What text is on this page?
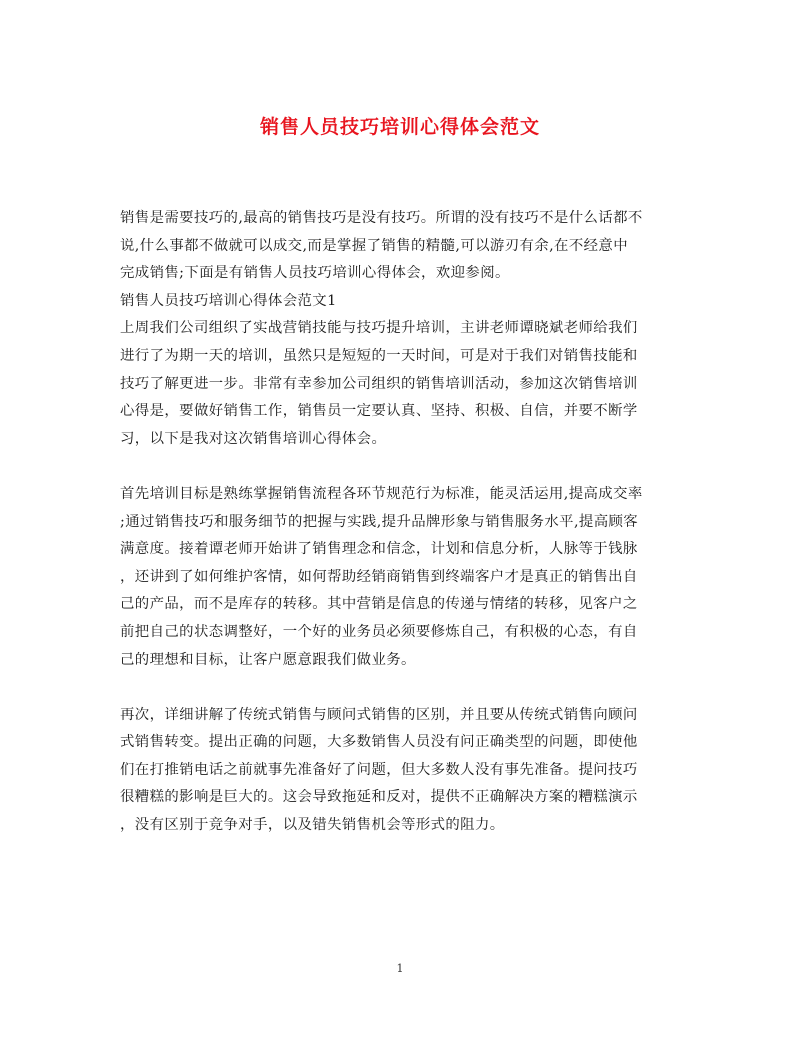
销售人员技巧培训心得体会范文
销售是需要技巧的,最高的销售技巧是没有技巧。所谓的没有技巧不是什么话都不
说,什么事都不做就可以成交,而是掌握了销售的精髓,可以游刃有余,在不经意中
完成销售;下面是有销售人员技巧培训心得体会，欢迎参阅。
销售人员技巧培训心得体会范文1
上周我们公司组织了实战营销技能与技巧提升培训，主讲老师谭晓斌老师给我们
进行了为期一天的培训，虽然只是短短的一天时间，可是对于我们对销售技能和
技巧了解更进一步。非常有幸参加公司组织的销售培训活动，参加这次销售培训
心得是，要做好销售工作，销售员一定要认真、坚持、积极、自信，并要不断学
习，以下是我对这次销售培训心得体会。
首先培训目标是熟练掌握销售流程各环节规范行为标准，能灵活运用,提高成交率
;通过销售技巧和服务细节的把握与实践,提升品牌形象与销售服务水平,提高顾客
满意度。接着谭老师开始讲了销售理念和信念，计划和信息分析，人脉等于钱脉
，还讲到了如何维护客情，如何帮助经销商销售到终端客户才是真正的销售出自
己的产品，而不是库存的转移。其中营销是信息的传递与情绪的转移，见客户之
前把自己的状态调整好，一个好的业务员必须要修炼自己，有积极的心态，有自
己的理想和目标，让客户愿意跟我们做业务。
再次，详细讲解了传统式销售与顾问式销售的区别，并且要从传统式销售向顾问
式销售转变。提出正确的问题，大多数销售人员没有问正确类型的问题，即使他
们在打推销电话之前就事先准备好了问题，但大多数人没有事先准备。提问技巧
很糟糕的影响是巨大的。这会导致拖延和反对，提供不正确解决方案的糟糕演示
，没有区别于竞争对手，以及错失销售机会等形式的阻力。
1
